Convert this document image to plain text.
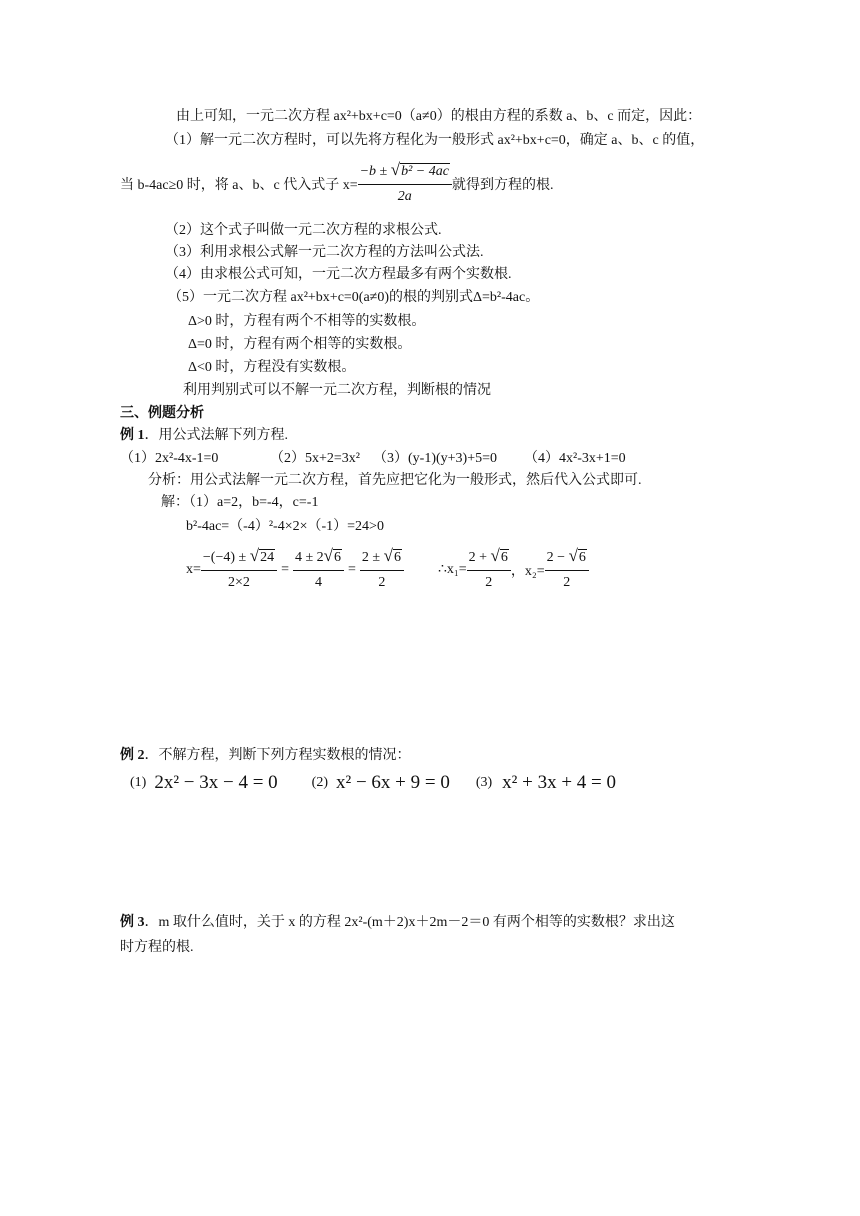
由上可知，一元二次方程 ax²+bx+c=0（a≠0）的根由方程的系数 a、b、c 而定，因此：
（1）解一元二次方程时，可以先将方程化为一般形式 ax²+bx+c=0，确定 a、b、c 的值，
当 b-4ac≥0 时，将 a、b、c 代入式子 $x= \frac{\text{−b ± √b² − 4ac}}{2a}$ 就得到方程的根.
（2）这个式子叫做一元二次方程的求根公式.
（3）利用求根公式解一元二次方程的方法叫公式法.
（4）由求根公式可知，一元二次方程最多有两个实数根.
（5）一元二次方程 ax²+bx+c=0(a≠0)的根的判别式Δ=b²-4ac。
Δ>0 时，方程有两个不相等的实数根。
Δ=0 时，方程有两个相等的实数根。
Δ<0 时，方程没有实数根。
利用判别式可以不解一元二次方程，判断根的情况
三、例题分析
例 1．用公式法解下列方程.
（1）2x²-4x-1=0	（2）5x+2=3x² （3）(y-1)(y+3)+5=0 （4）4x²-3x+1=0
分析：用公式法解一元二次方程，首先应把它化为一般形式，然后代入公式即可.
解：（1）a=2，b=-4，c=-1
b²-4ac=（-4）²-4×2×（-1）=24>0
$x= \frac{-(-4) \pm √24}{2\times 2} = \frac{4 \pm 2√6}{4} = \frac{2 \pm √6}{2}$ ∴x₁= $\frac{2 + √6}{2}$ ，$x_2= \frac{2 - √6}{2}$
例 2．不解方程，判断下列方程实数根的情况：
(1) 2x² − 3x − 4 = 0 (2) x² − 6x + 9 = 0 (3) x² + 3x + 4 = 0
例 3．m 取什么值时，关于 x 的方程 2x²-(m＋2)x＋2m－2＝0 有两个相等的实数根？求出这
时方程的根.
